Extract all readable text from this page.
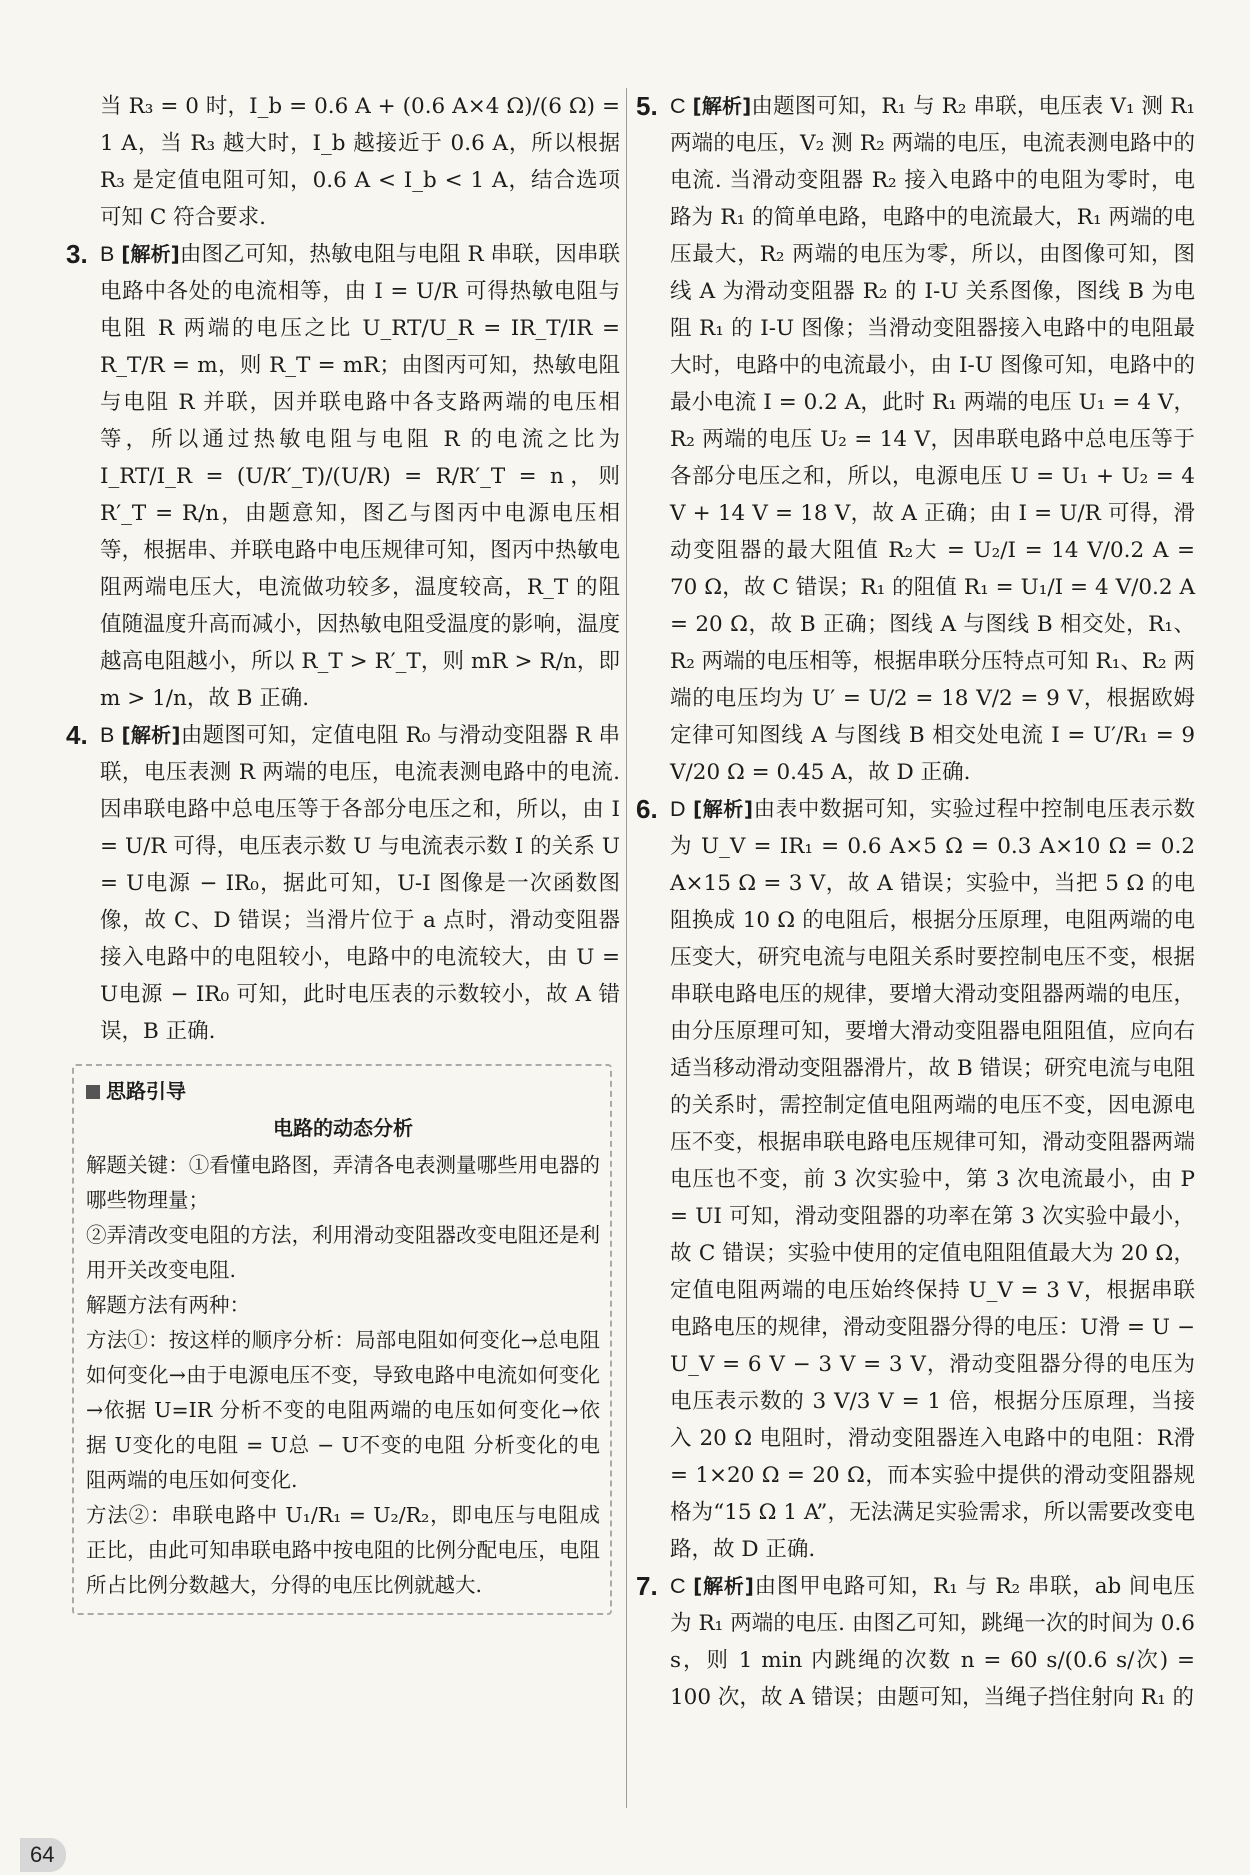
当 R₃ = 0 时，I_b = 0.6 A + (0.6 A×4 Ω)/(6 Ω) = 1 A，当 R₃ 越大时，I_b 越接近于 0.6 A，所以根据 R₃ 是定值电阻可知，0.6 A < I_b < 1 A，结合选项可知 C 符合要求.

3. B [解析]由图乙可知，热敏电阻与电阻 R 串联，因串联电路中各处的电流相等，由 I = U/R 可得热敏电阻与电阻 R 两端的电压之比 U_RT/U_R = IR_T/IR = R_T/R = m，则 R_T = mR；由图丙可知，热敏电阻与电阻 R 并联，因并联电路中各支路两端的电压相等，所以通过热敏电阻与电阻 R 的电流之比为 I_RT/I_R = (U/R′_T)/(U/R) = R/R′_T = n，则 R′_T = R/n，由题意知，图乙与图丙中电源电压相等，根据串、并联电路中电压规律可知，图丙中热敏电阻两端电压大，电流做功较多，温度较高，R_T 的阻值随温度升高而减小，因热敏电阻受温度的影响，温度越高电阻越小，所以 R_T > R′_T，则 mR > R/n，即 m > 1/n，故 B 正确.

4. B [解析]由题图可知，定值电阻 R₀ 与滑动变阻器 R 串联，电压表测 R 两端的电压，电流表测电路中的电流. 因串联电路中总电压等于各部分电压之和，所以，由 I = U/R 可得，电压表示数 U 与电流表示数 I 的关系 U = U电源 − IR₀，据此可知，U-I 图像是一次函数图像，故 C、D 错误；当滑片位于 a 点时，滑动变阻器接入电路中的电阻较小，电路中的电流较大，由 U = U电源 − IR₀ 可知，此时电压表的示数较小，故 A 错误，B 正确.

思路引导
电路的动态分析

解题关键：①看懂电路图，弄清各电表测量哪些用电器的哪些物理量；

②弄清改变电阻的方法，利用滑动变阻器改变电阻还是利用开关改变电阻.

解题方法有两种：

方法①：按这样的顺序分析：局部电阻如何变化→总电阻如何变化→由于电源电压不变，导致电路中电流如何变化→依据 U=IR 分析不变的电阻两端的电压如何变化→依据 U变化的电阻 = U总 − U不变的电阻 分析变化的电阻两端的电压如何变化.

方法②：串联电路中 U₁/R₁ = U₂/R₂，即电压与电阻成正比，由此可知串联电路中按电阻的比例分配电压，电阻所占比例分数越大，分得的电压比例就越大.

5. C [解析]由题图可知，R₁ 与 R₂ 串联，电压表 V₁ 测 R₁ 两端的电压，V₂ 测 R₂ 两端的电压，电流表测电路中的电流. 当滑动变阻器 R₂ 接入电路中的电阻为零时，电路为 R₁ 的简单电路，电路中的电流最大，R₁ 两端的电压最大，R₂ 两端的电压为零，所以，由图像可知，图线 A 为滑动变阻器 R₂ 的 I-U 关系图像，图线 B 为电阻 R₁ 的 I-U 图像；当滑动变阻器接入电路中的电阻最大时，电路中的电流最小，由 I-U 图像可知，电路中的最小电流 I = 0.2 A，此时 R₁ 两端的电压 U₁ = 4 V，R₂ 两端的电压 U₂ = 14 V，因串联电路中总电压等于各部分电压之和，所以，电源电压 U = U₁ + U₂ = 4 V + 14 V = 18 V，故 A 正确；由 I = U/R 可得，滑动变阻器的最大阻值 R₂大 = U₂/I = 14 V/0.2 A = 70 Ω，故 C 错误；R₁ 的阻值 R₁ = U₁/I = 4 V/0.2 A = 20 Ω，故 B 正确；图线 A 与图线 B 相交处，R₁、R₂ 两端的电压相等，根据串联分压特点可知 R₁、R₂ 两端的电压均为 U′ = U/2 = 18 V/2 = 9 V，根据欧姆定律可知图线 A 与图线 B 相交处电流 I = U′/R₁ = 9 V/20 Ω = 0.45 A，故 D 正确.

6. D [解析]由表中数据可知，实验过程中控制电压表示数为 U_V = IR₁ = 0.6 A×5 Ω = 0.3 A×10 Ω = 0.2 A×15 Ω = 3 V，故 A 错误；实验中，当把 5 Ω 的电阻换成 10 Ω 的电阻后，根据分压原理，电阻两端的电压变大，研究电流与电阻关系时要控制电压不变，根据串联电路电压的规律，要增大滑动变阻器两端的电压，由分压原理可知，要增大滑动变阻器电阻阻值，应向右适当移动滑动变阻器滑片，故 B 错误；研究电流与电阻的关系时，需控制定值电阻两端的电压不变，因电源电压不变，根据串联电路电压规律可知，滑动变阻器两端电压也不变，前 3 次实验中，第 3 次电流最小，由 P = UI 可知，滑动变阻器的功率在第 3 次实验中最小，故 C 错误；实验中使用的定值电阻阻值最大为 20 Ω，定值电阻两端的电压始终保持 U_V = 3 V，根据串联电路电压的规律，滑动变阻器分得的电压：U滑 = U − U_V = 6 V − 3 V = 3 V，滑动变阻器分得的电压为电压表示数的 3 V/3 V = 1 倍，根据分压原理，当接入 20 Ω 电阻时，滑动变阻器连入电路中的电阻：R滑 = 1×20 Ω = 20 Ω，而本实验中提供的滑动变阻器规格为“15 Ω 1 A”，无法满足实验需求，所以需要改变电路，故 D 正确.

7. C [解析]由图甲电路可知，R₁ 与 R₂ 串联，ab 间电压为 R₁ 两端的电压. 由图乙可知，跳绳一次的时间为 0.6 s，则 1 min 内跳绳的次数 n = 60 s/(0.6 s/次) = 100 次，故 A 错误；由题可知，当绳子挡住射向 R₁ 的

64
